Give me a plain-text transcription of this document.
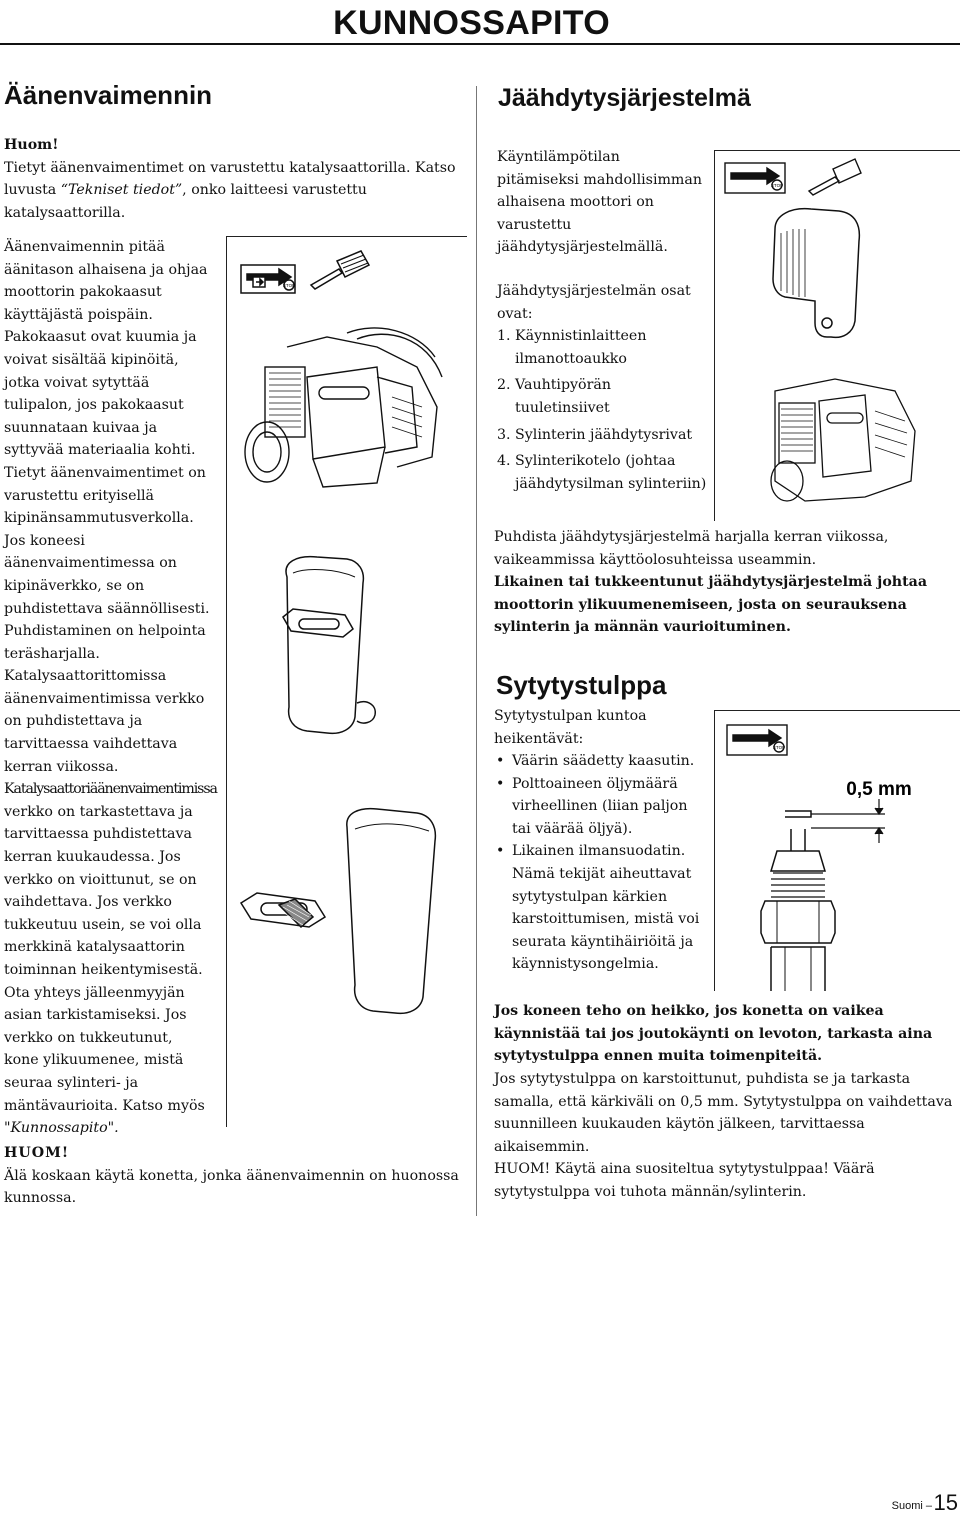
KUNNOSSAPITO
Äänenvaimennin

Huom!

Tietyt äänenvaimentimet on varustettu katalysaattorilla. Katso luvusta “Tekniset tiedot”, onko laitteesi varustettu katalysaattorilla.

Äänenvaimennin pitää

äänitason alhaisena ja ohjaa

moottorin pakokaasut

käyttäjästä poispäin.

Pakokaasut ovat kuumia ja

voivat sisältää kipinöitä,

jotka voivat sytyttää

tulipalon, jos pakokaasut

suunnataan kuivaa ja

syttyvää materiaalia kohti.

Tietyt äänenvaimentimet on

varustettu erityisellä

kipinänsammutusverkolla.

Jos koneesi

äänenvaimentimessa on

kipinäverkko, se on

puhdistettava säännöllisesti.

Puhdistaminen on helpointa

teräsharjalla.

Katalysaattorittomissa

äänenvaimentimissa verkko

on puhdistettava ja

tarvittaessa vaihdettava

kerran viikossa.

Katalysaattoriäänenvaimentimissa

verkko on tarkastettava ja

tarvittaessa puhdistettava

kerran kuukaudessa. Jos

verkko on vioittunut, se on

vaihdettava. Jos verkko

tukkeutuu usein, se voi olla

merkkinä katalysaattorin

toiminnan heikentymisestä.

Ota yhteys jälleenmyyjän

asian tarkistamiseksi. Jos

verkko on tukkeutunut,

kone ylikuumenee, mistä

seuraa sylinteri- ja

mäntävaurioita. Katso myös

"Kunnossapito".

HUOM!

Älä koskaan käytä konetta, jonka äänenvaimennin on huonossa kunnossa.

STOP
Jäähdytysjärjestelmä
Käyntilämpötilan pitämiseksi mahdollisimman alhaisena moottori on varustettu jäähdytysjärjestelmällä.

Jäähdytysjärjestelmän osat ovat:

1. Käynnistinlaitteen ilmanottoaukko
2. Vauhtipyörän tuuletinsiivet
3. Sylinterin jäähdytysrivat
4. Sylinterikotelo (johtaa jäähdytysilman sylinteriin)
STOP
Puhdista jäähdytysjärjestelmä harjalla kerran viikossa, vaikeammissa käyttöolosuhteissa useammin.
Likainen tai tukkeentunut jäähdytysjärjestelmä johtaa moottorin ylikuumenemiseen, josta on seurauksena sylinterin ja männän vaurioituminen.
Sytytystulppa
Sytytystulpan kuntoa heikentävät:
• Väärin säädetty kaasutin.
• Polttoaineen öljymäärä virheellinen (liian paljon tai väärää öljyä).
• Likainen ilmansuodatin. Nämä tekijät aiheuttavat sytytystulpan kärkien karstoittumisen, mistä voi seurata käyntihäiriöitä ja käynnistysongelmia.
STOP
0,5 mm
Jos koneen teho on heikko, jos konetta on vaikea käynnistää tai jos joutokäynti on levoton, tarkasta aina sytytystulppa ennen muita toimenpiteitä.
Jos sytytystulppa on karstoittunut, puhdista se ja tarkasta samalla, että kärkiväli on 0,5 mm. Sytytystulppa on vaihdettava suunnilleen kuukauden käytön jälkeen, tarvittaessa aikaisemmin.
HUOM! Käytä aina suositeltua sytytystulppaa! Väärä sytytystulppa voi tuhota männän/sylinterin.
Suomi – 15
